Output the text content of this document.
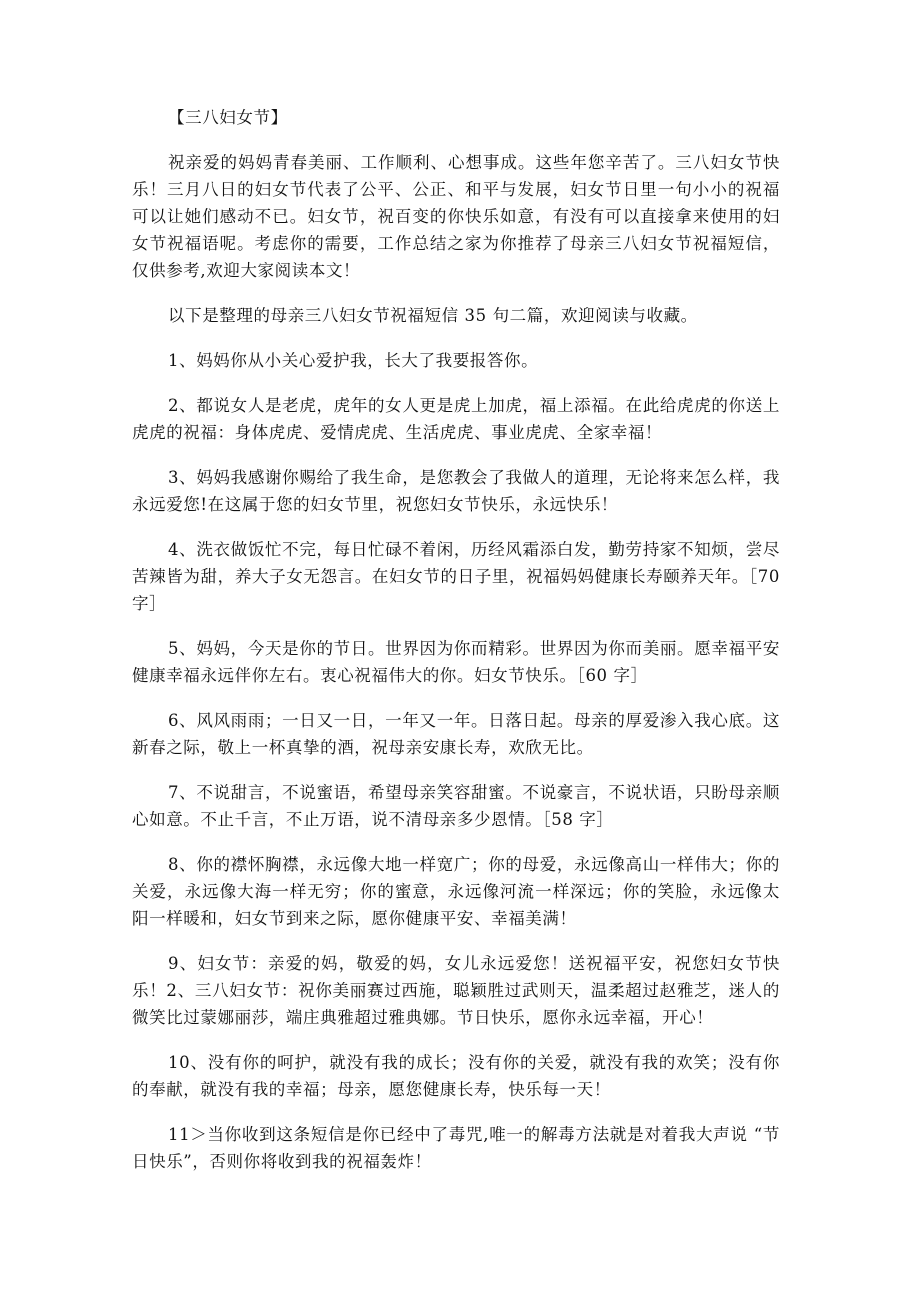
【三八妇女节】

祝亲爱的妈妈青春美丽、工作顺利、心想事成。这些年您辛苦了。三八妇女节快乐！三月八日的妇女节代表了公平、公正、和平与发展，妇女节日里一句小小的祝福可以让她们感动不已。妇女节，祝百变的你快乐如意，有没有可以直接拿来使用的妇女节祝福语呢。考虑你的需要，工作总结之家为你推荐了母亲三八妇女节祝福短信，仅供参考,欢迎大家阅读本文！

以下是整理的母亲三八妇女节祝福短信 35 句二篇，欢迎阅读与收藏。

1、妈妈你从小关心爱护我，长大了我要报答你。

2、都说女人是老虎，虎年的女人更是虎上加虎，福上添福。在此给虎虎的你送上虎虎的祝福：身体虎虎、爱情虎虎、生活虎虎、事业虎虎、全家幸福！

3、妈妈我感谢你赐给了我生命，是您教会了我做人的道理，无论将来怎么样，我永远爱您!在这属于您的妇女节里，祝您妇女节快乐，永远快乐！

4、洗衣做饭忙不完，每日忙碌不着闲，历经风霜添白发，勤劳持家不知烦，尝尽苦辣皆为甜，养大子女无怨言。在妇女节的日子里，祝福妈妈健康长寿颐养天年。［70 字］

5、妈妈，今天是你的节日。世界因为你而精彩。世界因为你而美丽。愿幸福平安健康幸福永远伴你左右。衷心祝福伟大的你。妇女节快乐。［60 字］

6、风风雨雨；一日又一日，一年又一年。日落日起。母亲的厚爱渗入我心底。这新春之际，敬上一杯真挚的酒，祝母亲安康长寿，欢欣无比。

7、不说甜言，不说蜜语，希望母亲笑容甜蜜。不说豪言，不说状语，只盼母亲顺心如意。不止千言，不止万语，说不清母亲多少恩情。［58 字］

8、你的襟怀胸襟，永远像大地一样宽广；你的母爱，永远像高山一样伟大；你的关爱，永远像大海一样无穷；你的蜜意，永远像河流一样深远；你的笑脸，永远像太阳一样暖和，妇女节到来之际，愿你健康平安、幸福美满！

9、妇女节：亲爱的妈，敬爱的妈，女儿永远爱您！送祝福平安，祝您妇女节快乐！2、三八妇女节：祝你美丽赛过西施，聪颖胜过武则天，温柔超过赵雅芝，迷人的微笑比过蒙娜丽莎，端庄典雅超过雅典娜。节日快乐，愿你永远幸福，开心！

10、没有你的呵护，就没有我的成长；没有你的关爱，就没有我的欢笑；没有你的奉献，就没有我的幸福；母亲，愿您健康长寿，快乐每一天！

11＞当你收到这条短信是你已经中了毒咒,唯一的解毒方法就是对着我大声说 “节日快乐”，否则你将收到我的祝福轰炸！
